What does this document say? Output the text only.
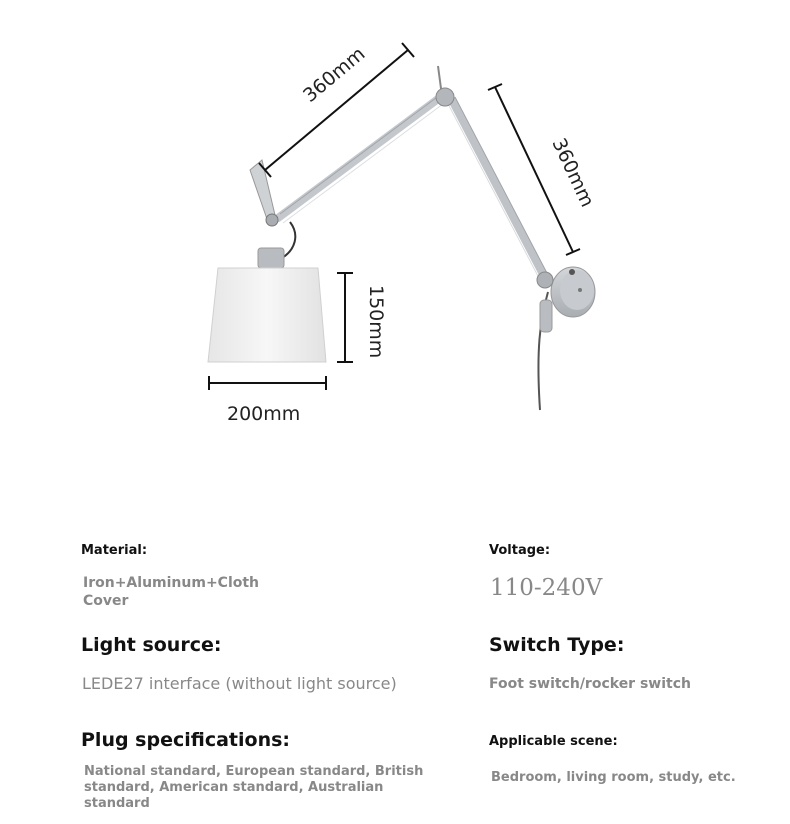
360mm
360mm
150mm
200mm
Material:
Iron+Aluminum+Cloth Cover
Voltage:
110-240V
Light source:
LEDE27 interface (without light source)
Switch Type:
Foot switch/rocker switch
Plug specifications:
National standard, European standard, British standard, American standard, Australian standard
Applicable scene:
Bedroom, living room, study, etc.
